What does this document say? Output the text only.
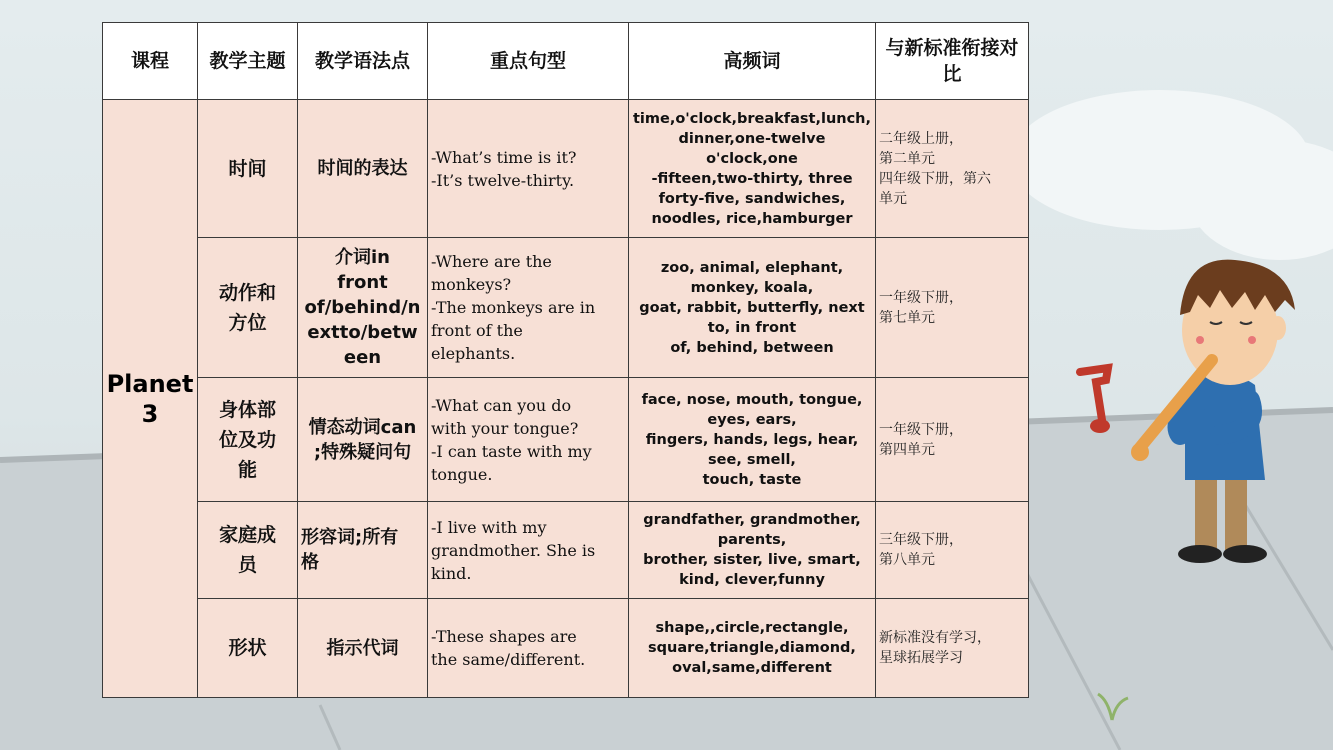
课程	教学主题	教学语法点	重点句型	高频词	与新标准衔接对比
Planet 3	时间	时间的表达	-What’s time is it?
-It’s twelve-thirty.	time,o'clock,breakfast,lunch,
dinner,one-twelve o'clock,one
-fifteen,two-thirty, three
forty-five, sandwiches,
noodles, rice,hamburger	二年级上册，
第二单元
四年级下册，第六
单元
	动作和
方位	介词in
front
of/behind/n
extto/betw
een	-Where are the
monkeys?
-The monkeys are in
front of the
elephants.	zoo, animal, elephant,
monkey, koala,
goat, rabbit, butterfly, next
to, in front
of, behind, between	一年级下册，
第七单元
	身体部
位及功
能	情态动词can
;特殊疑问句	-What can you do
with your tongue?
-I can taste with my
tongue.	face, nose, mouth, tongue,
eyes, ears,
fingers, hands, legs, hear,
see, smell,
touch, taste	一年级下册，
第四单元
	家庭成
员	形容词;所有
格	-I live with my
grandmother. She is
kind.	grandfather, grandmother,
parents,
brother, sister, live, smart,
kind, clever,funny	三年级下册，
第八单元
	形状	指示代词	-These shapes are
the same/different.	shape,,circle,rectangle,
square,triangle,diamond,
oval,same,different	新标准没有学习，
星球拓展学习
